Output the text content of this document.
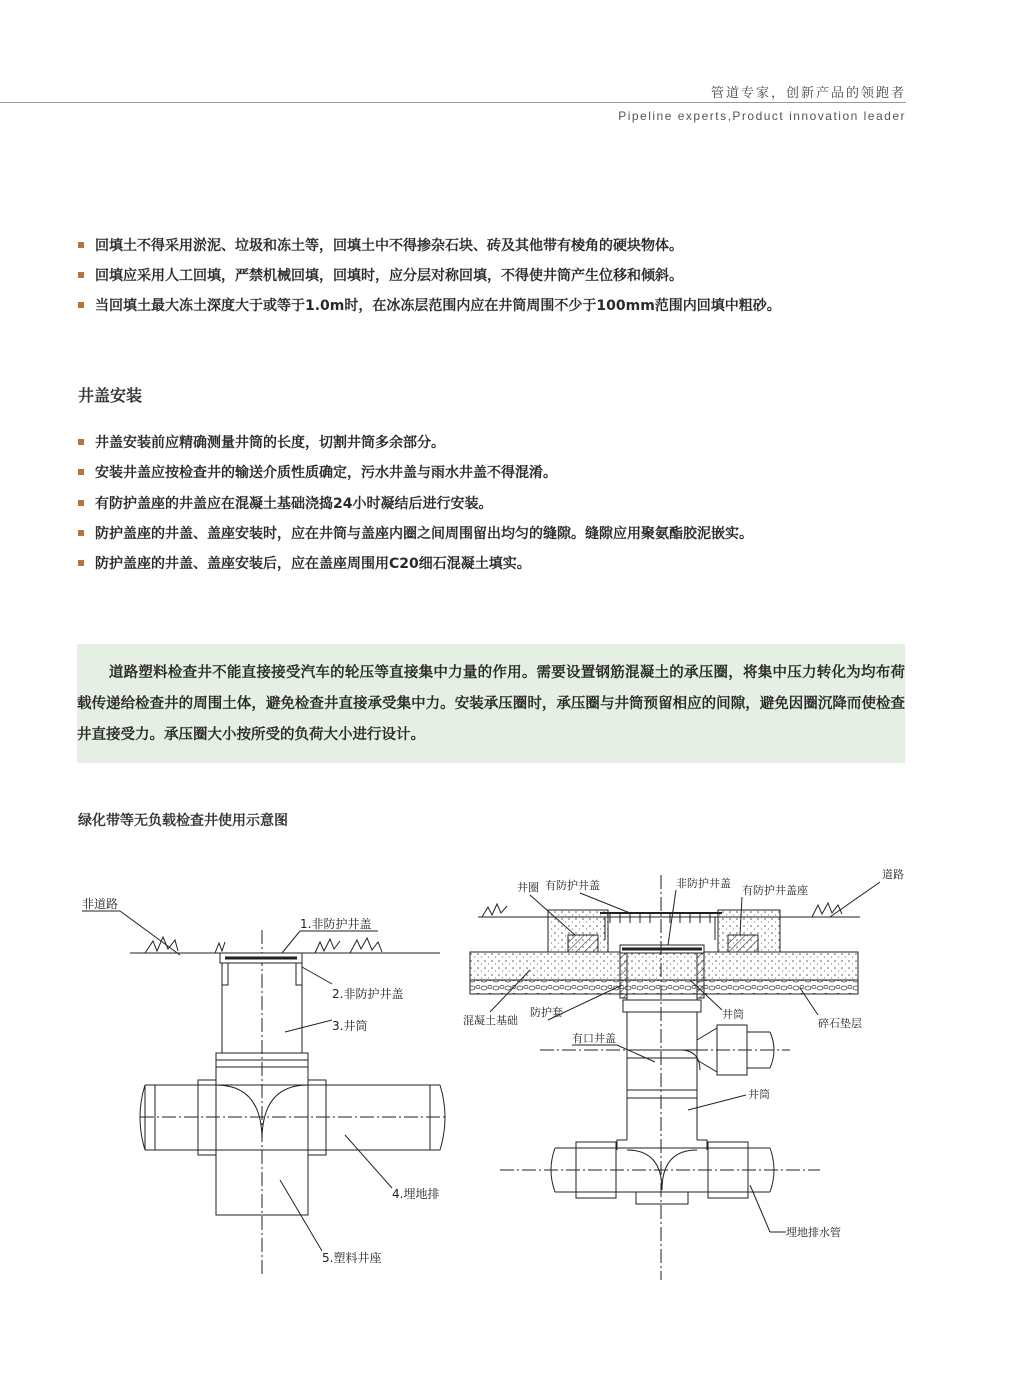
管道专家，创新产品的领跑者
Pipeline experts,Product innovation leader
回填土不得采用淤泥、垃圾和冻土等，回填土中不得掺杂石块、砖及其他带有棱角的硬块物体。
回填应采用人工回填，严禁机械回填，回填时，应分层对称回填，不得使井筒产生位移和倾斜。
当回填土最大冻土深度大于或等于1.0m时，在冰冻层范围内应在井筒周围不少于100mm范围内回填中粗砂。
井盖安装
井盖安装前应精确测量井筒的长度，切割井筒多余部分。
安装井盖应按检查井的输送介质性质确定，污水井盖与雨水井盖不得混淆。
有防护盖座的井盖应在混凝土基础浇捣24小时凝结后进行安装。
防护盖座的井盖、盖座安装时，应在井筒与盖座内圈之间周围留出均匀的缝隙。缝隙应用聚氨酯胶泥嵌实。
防护盖座的井盖、盖座安装后，应在盖座周围用C20细石混凝土填实。

道路塑料检查井不能直接接受汽车的轮压等直接集中力量的作用。需要设置钢筋混凝土的承压圈，将集中压力转化为均布荷载传递给检查井的周围土体，避免检查井直接承受集中力。安装承压圈时，承压圈与井筒预留相应的间隙，避免因圈沉降而使检查井直接受力。承压圈大小按所受的负荷大小进行设计。

绿化带等无负载检查井使用示意图
非道路
1.非防护井盖
2.非防护井盖
3.井筒
4.埋地排
5.塑料井座
井圈 有防护井盖	非防护井盖
有防护井盖座
道路
混凝土基础
防护套	井筒
碎石垫层
有口井盖
井筒
埋地排水管
